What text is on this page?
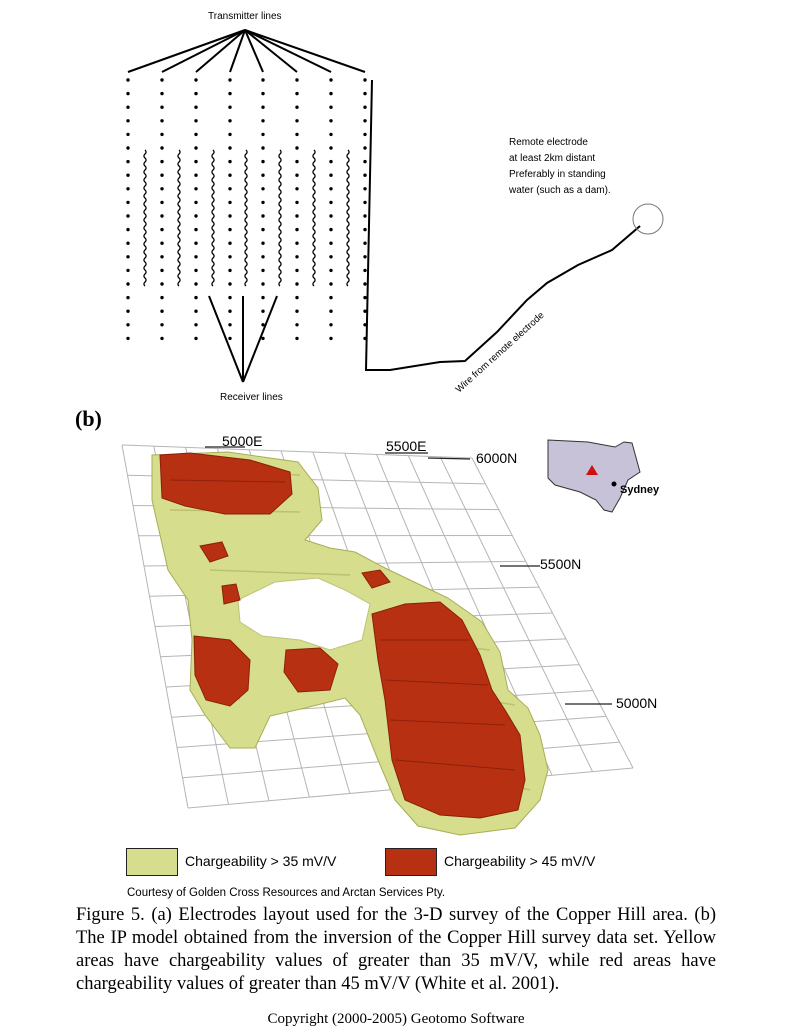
Wire from remote electrode
Transmitter lines
Receiver lines
Remote electrode
at least 2km distant
Preferably in standing
water (such as a dam).
(b)
5000E	5500E
6000N
5500N
5000N
Sydney
Chargeability > 35 mV/V	Chargeability > 45 mV/V
Courtesy of Golden Cross Resources and Arctan Services Pty.
Figure 5. (a) Electrodes layout used for the 3-D survey of the Copper Hill area. (b) The IP model obtained from the inversion of the Copper Hill survey data set. Yellow areas have chargeability values of greater than 35 mV/V, while red areas have chargeability values of greater than 45 mV/V (White et al. 2001).
Copyright (2000-2005) Geotomo Software
